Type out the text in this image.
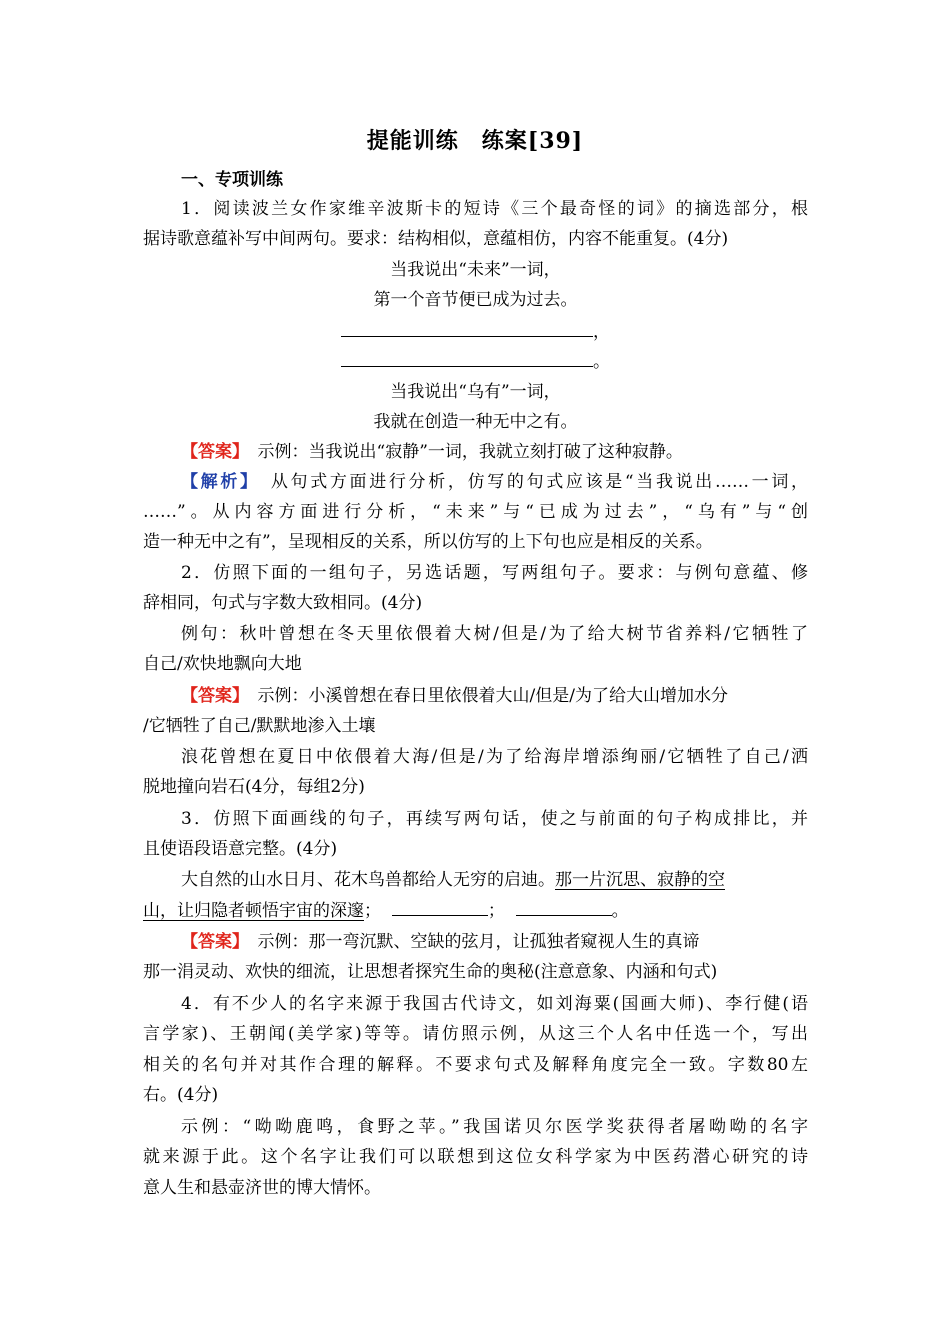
提能训练　练案[39]
一、专项训练
1．阅读波兰女作家维辛波斯卡的短诗《三个最奇怪的词》的摘选部分，根
据诗歌意蕴补写中间两句。要求：结构相似，意蕴相仿，内容不能重复。(4分)
当我说出“未来”一词，
第一个音节便已成为过去。
，
。
当我说出“乌有”一词，
我就在创造一种无中之有。
【答案】　示例：当我说出“寂静”一词，我就立刻打破了这种寂静。
【解析】　从句式方面进行分析，仿写的句式应该是“当我说出……一词，
……”。从内容方面进行分析，“未来”与“已成为过去”，“乌有”与“创
造一种无中之有”，呈现相反的关系，所以仿写的上下句也应是相反的关系。
2．仿照下面的一组句子，另选话题，写两组句子。要求：与例句意蕴、修
辞相同，句式与字数大致相同。(4分)
例句：秋叶曾想在冬天里依偎着大树/但是/为了给大树节省养料/它牺牲了
自己/欢快地飘向大地
【答案】　示例：小溪曾想在春日里依偎着大山/但是/为了给大山增加水分
/它牺牲了自己/默默地渗入土壤
浪花曾想在夏日中依偎着大海/但是/为了给海岸增添绚丽/它牺牲了自己/洒
脱地撞向岩石(4分，每组2分)
3．仿照下面画线的句子，再续写两句话，使之与前面的句子构成排比，并
且使语段语意完整。(4分)
大自然的山水日月、花木鸟兽都给人无穷的启迪。那一片沉思、寂静的空
山，让归隐者顿悟宇宙的深邃；	；	。
【答案】　示例：那一弯沉默、空缺的弦月，让孤独者窥视人生的真谛
那一涓灵动、欢快的细流，让思想者探究生命的奥秘(注意意象、内涵和句式)
4．有不少人的名字来源于我国古代诗文，如刘海粟(国画大师)、李行健(语
言学家)、王朝闻(美学家)等等。请仿照示例，从这三个人名中任选一个，写出
相关的名句并对其作合理的解释。不要求句式及解释角度完全一致。字数80左
右。(4分)
示例：“呦呦鹿鸣，食野之苹。”我国诺贝尔医学奖获得者屠呦呦的名字
就来源于此。这个名字让我们可以联想到这位女科学家为中医药潜心研究的诗
意人生和悬壶济世的博大情怀。
